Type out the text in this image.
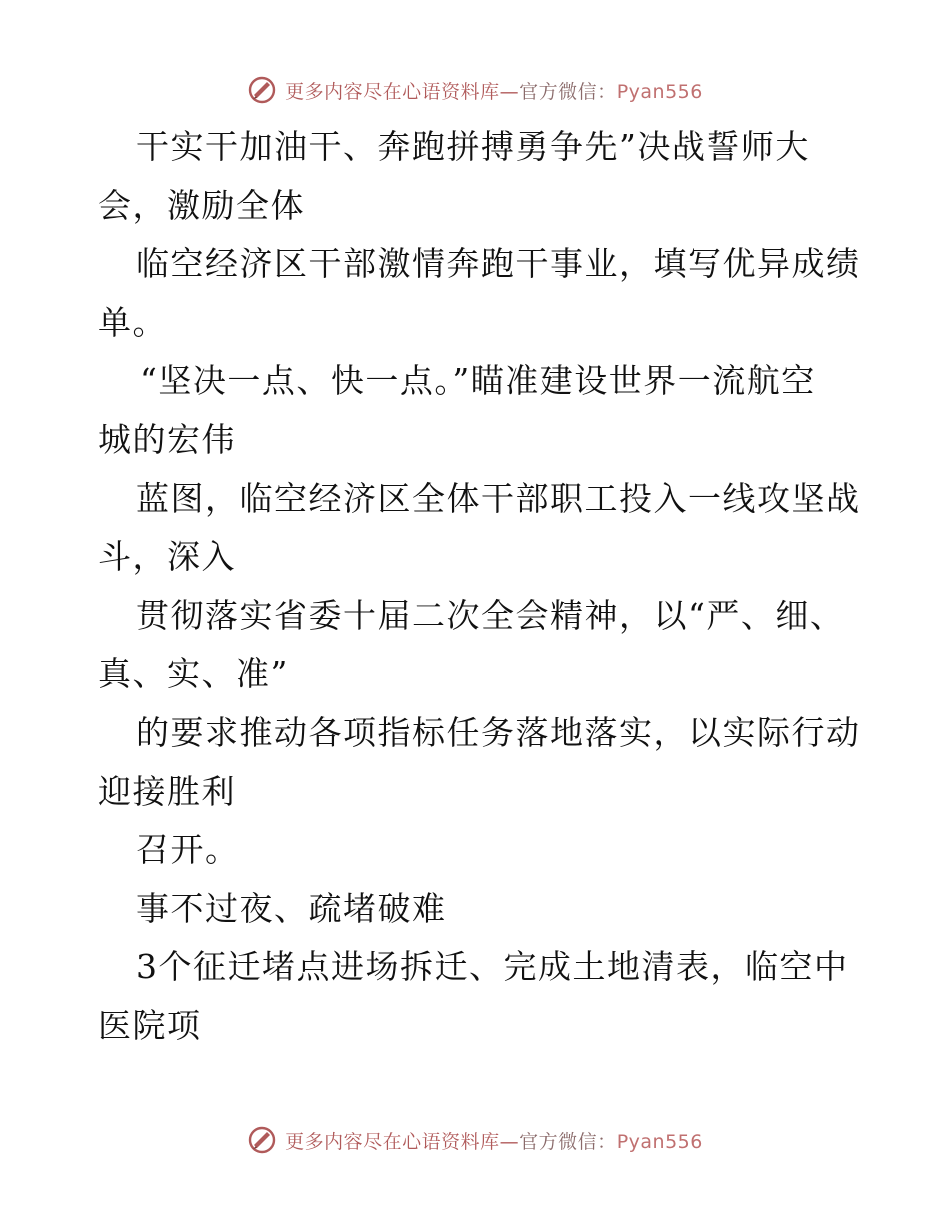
更多内容尽在心语资料库—官方微信：Pyan556
干实干加油干、奔跑拼搏勇争先”决战誓师大
会，激励全体
临空经济区干部激情奔跑干事业，填写优异成绩
单。
“坚决一点、快一点。”瞄准建设世界一流航空
城的宏伟
蓝图，临空经济区全体干部职工投入一线攻坚战
斗，深入
贯彻落实省委十届二次全会精神，以“严、细、
真、实、准”
的要求推动各项指标任务落地落实，以实际行动
迎接胜利
召开。
事不过夜、疏堵破难
3个征迁堵点进场拆迁、完成土地清表，临空中
医院项
更多内容尽在心语资料库—官方微信：Pyan556
